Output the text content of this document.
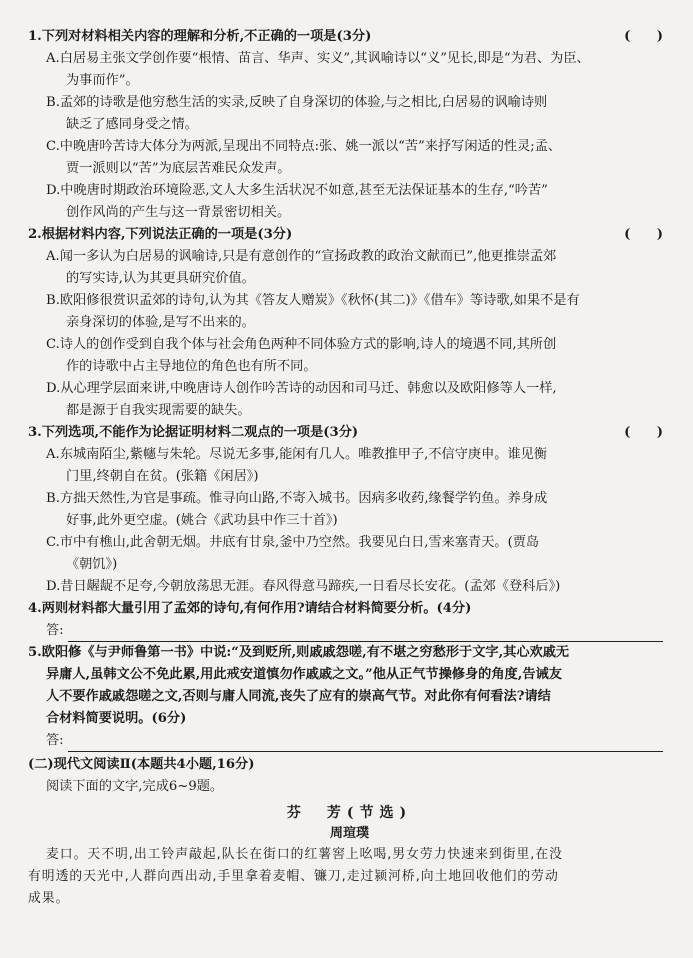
1.下列对材料相关内容的理解和分析,不正确的一项是(3分)	(　　)
A.白居易主张文学创作要“根情、苗言、华声、实义”,其讽喻诗以“义”见长,即是“为君、为臣、
为事而作”。
B.孟郊的诗歌是他穷愁生活的实录,反映了自身深切的体验,与之相比,白居易的讽喻诗则
缺乏了感同身受之情。
C.中晚唐吟苦诗大体分为两派,呈现出不同特点:张、姚一派以“苦”来抒写闲适的性灵;孟、
贾一派则以“苦”为底层苦难民众发声。
D.中晚唐时期政治环境险恶,文人大多生活状况不如意,甚至无法保证基本的生存,“吟苦”
创作风尚的产生与这一背景密切相关。
2.根据材料内容,下列说法正确的一项是(3分)	(　　)
A.闻一多认为白居易的讽喻诗,只是有意创作的“宣扬政教的政治文献而已”,他更推崇孟郊
的写实诗,认为其更具研究价值。
B.欧阳修很赏识孟郊的诗句,认为其《答友人赠炭》《秋怀(其二)》《借车》等诗歌,如果不是有
亲身深切的体验,是写不出来的。
C.诗人的创作受到自我个体与社会角色两种不同体验方式的影响,诗人的境遇不同,其所创
作的诗歌中占主导地位的角色也有所不同。
D.从心理学层面来讲,中晚唐诗人创作吟苦诗的动因和司马迁、韩愈以及欧阳修等人一样,
都是源于自我实现需要的缺失。
3.下列选项,不能作为论据证明材料二观点的一项是(3分)	(　　)
A.东城南陌尘,紫幰与朱轮。尽说无多事,能闲有几人。唯教推甲子,不信守庚申。谁见衡
门里,终朝自在贫。(张籍《闲居》)
B.方拙天然性,为官是事疏。惟寻向山路,不寄入城书。因病多收药,缘餐学钓鱼。养身成
好事,此外更空虚。(姚合《武功县中作三十首》)
C.市中有樵山,此舍朝无烟。井底有甘泉,釜中乃空然。我要见白日,雪来塞青天。(贾岛
《朝饥》)
D.昔日龌龊不足夸,今朝放荡思无涯。春风得意马蹄疾,一日看尽长安花。(孟郊《登科后》)
4.两则材料都大量引用了孟郊的诗句,有何作用?请结合材料简要分析。(4分)
答:
5.欧阳修《与尹师鲁第一书》中说:“及到贬所,则戚戚怨嗟,有不堪之穷愁形于文字,其心欢戚无
异庸人,虽韩文公不免此累,用此戒安道慎勿作戚戚之文。”他从正气节操修身的角度,告诫友
人不要作戚戚怨嗟之文,否则与庸人同流,丧失了应有的崇高气节。对此你有何看法?请结
合材料简要说明。(6分)
答:
(二)现代文阅读Ⅱ(本题共4小题,16分)
阅读下面的文字,完成6~9题。
芬　芳(节选)
周瑄璞
麦口。天不明,出工铃声敲起,队长在街口的红薯窖上吆喝,男女劳力快速来到街里,在没
有明透的天光中,人群向西出动,手里拿着麦帽、镰刀,走过颍河桥,向土地回收他们的劳动
成果。
